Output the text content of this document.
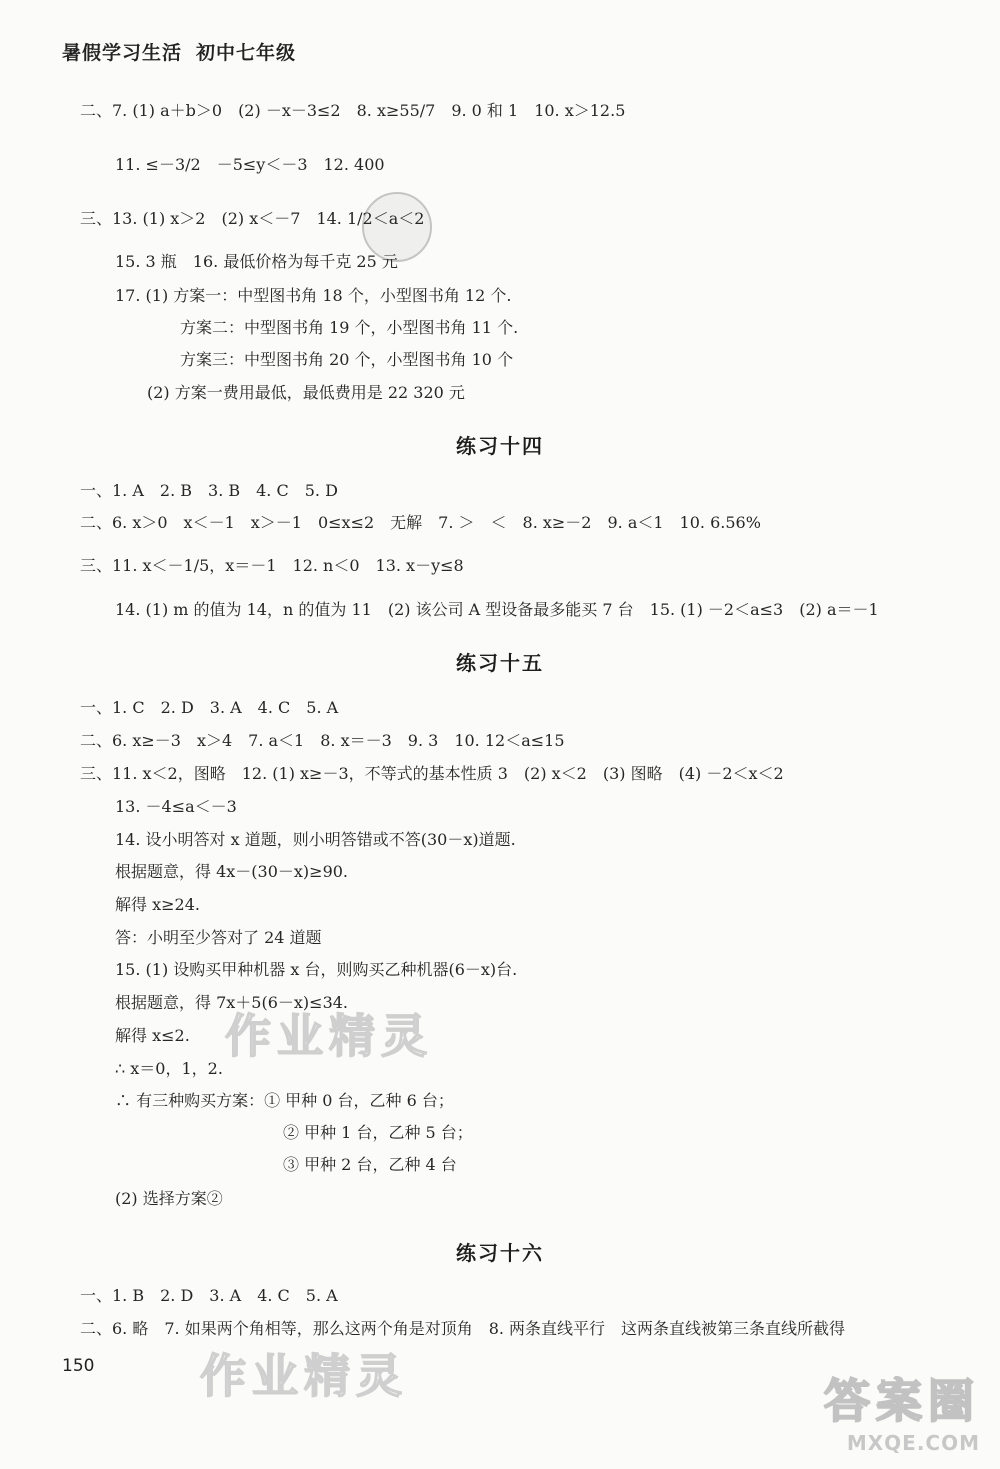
暑假学习生活 初中七年级
二、7. (1) a＋b＞0　(2) －x－3≤2　8. x≥55/7　9. 0 和 1　10. x＞12.5
11. ≤－3/2　－5≤y＜－3　12. 400
三、13. (1) x＞2　(2) x＜－7　14. 1/2＜a＜2
15. 3 瓶　16. 最低价格为每千克 25 元
17. (1) 方案一：中型图书角 18 个，小型图书角 12 个.
方案二：中型图书角 19 个，小型图书角 11 个.
方案三：中型图书角 20 个，小型图书角 10 个
(2) 方案一费用最低，最低费用是 22 320 元
练习十四
一、1. A　2. B　3. B　4. C　5. D
二、6. x＞0　x＜－1　x＞－1　0≤x≤2　无解　7. ＞　＜　8. x≥－2　9. a＜1　10. 6.56%
三、11. x＜－1/5，x＝－1　12. n＜0　13. x－y≤8
14. (1) m 的值为 14，n 的值为 11　(2) 该公司 A 型设备最多能买 7 台　15. (1) －2＜a≤3　(2) a＝－1
练习十五
一、1. C　2. D　3. A　4. C　5. A
二、6. x≥－3　x＞4　7. a＜1　8. x＝－3　9. 3　10. 12＜a≤15
三、11. x＜2，图略　12. (1) x≥－3，不等式的基本性质 3　(2) x＜2　(3) 图略　(4) －2＜x＜2
13. －4≤a＜－3
14. 设小明答对 x 道题，则小明答错或不答(30－x)道题.
根据题意，得 4x－(30－x)≥90.
解得 x≥24.
答：小明至少答对了 24 道题
15. (1) 设购买甲种机器 x 台，则购买乙种机器(6－x)台.
根据题意，得 7x＋5(6－x)≤34.
解得 x≤2.
∴ x＝0，1，2.
∴ 有三种购买方案：① 甲种 0 台，乙种 6 台；
② 甲种 1 台，乙种 5 台；
③ 甲种 2 台，乙种 4 台
(2) 选择方案②
练习十六
一、1. B　2. D　3. A　4. C　5. A
二、6. 略　7. 如果两个角相等，那么这两个角是对顶角　8. 两条直线平行　这两条直线被第三条直线所截得
150
作业精灵
作业精灵	答案圈
MXQE.COM
